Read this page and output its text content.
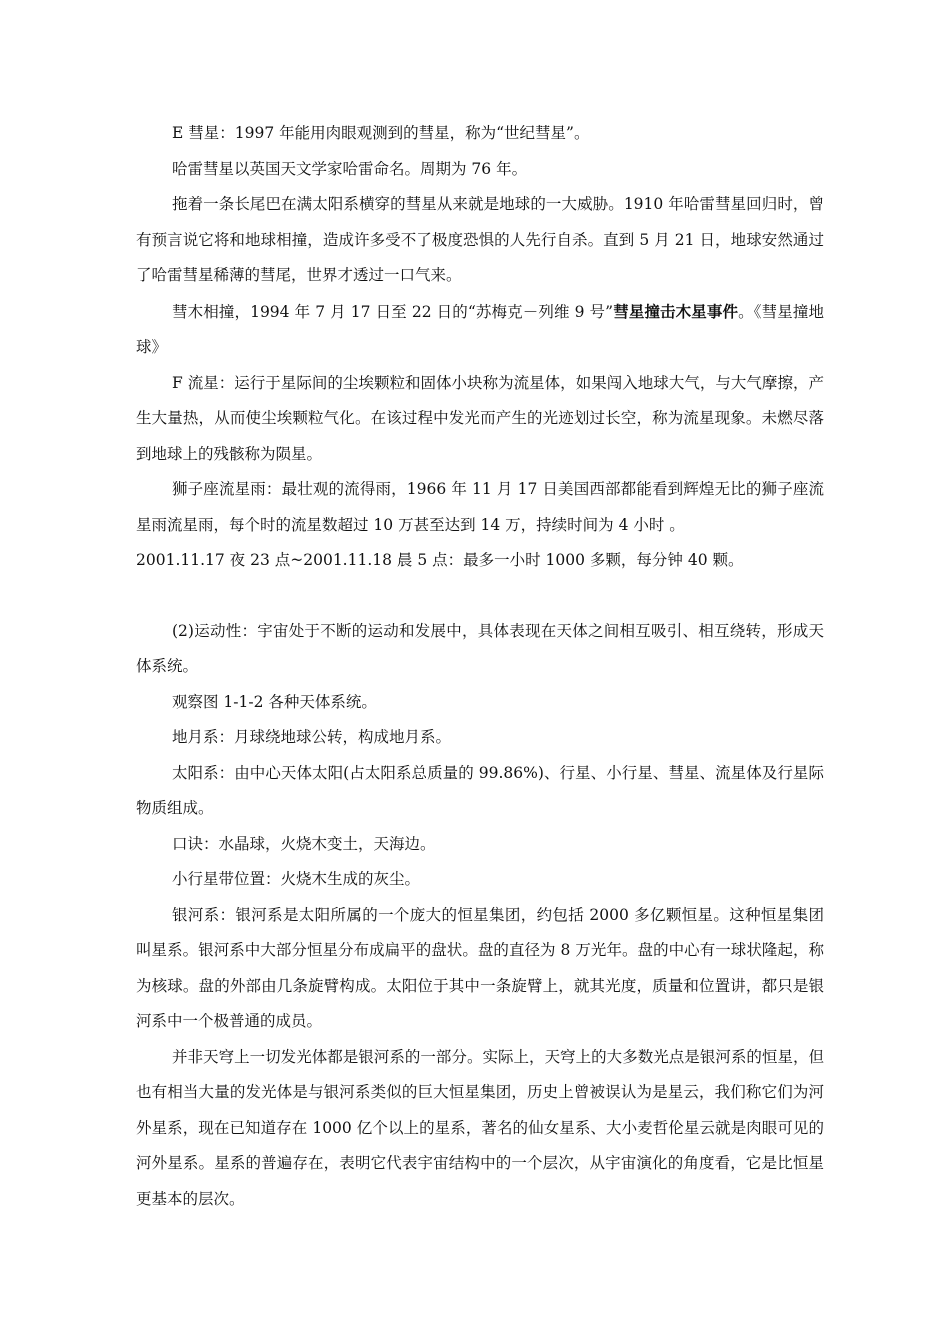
E 彗星：1997 年能用肉眼观测到的彗星，称为“世纪彗星”。

哈雷彗星以英国天文学家哈雷命名。周期为 76 年。

拖着一条长尾巴在满太阳系横穿的彗星从来就是地球的一大威胁。1910 年哈雷彗星回归时，曾有预言说它将和地球相撞，造成许多受不了极度恐惧的人先行自杀。直到 5 月 21 日，地球安然通过了哈雷彗星稀薄的彗尾，世界才透过一口气来。

彗木相撞，1994 年 7 月 17 日至 22 日的“苏梅克－列维 9 号”彗星撞击木星事件。《彗星撞地球》

F 流星：运行于星际间的尘埃颗粒和固体小块称为流星体，如果闯入地球大气，与大气摩擦，产生大量热，从而使尘埃颗粒气化。在该过程中发光而产生的光迹划过长空，称为流星现象。未燃尽落到地球上的残骸称为陨星。

狮子座流星雨：最壮观的流得雨，1966 年 11 月 17 日美国西部都能看到辉煌无比的狮子座流星雨流星雨，每个时的流星数超过 10 万甚至达到 14 万，持续时间为 4 小时 。

2001.11.17 夜 23 点~2001.11.18 晨 5 点：最多一小时 1000 多颗，每分钟 40 颗。

(2)运动性：宇宙处于不断的运动和发展中，具体表现在天体之间相互吸引、相互绕转，形成天体系统。

观察图 1-1-2 各种天体系统。

地月系：月球绕地球公转，构成地月系。

太阳系：由中心天体太阳(占太阳系总质量的 99.86%)、行星、小行星、彗星、流星体及行星际物质组成。

口诀：水晶球，火烧木变土，天海边。

小行星带位置：火烧木生成的灰尘。

银河系：银河系是太阳所属的一个庞大的恒星集团，约包括 2000 多亿颗恒星。这种恒星集团叫星系。银河系中大部分恒星分布成扁平的盘状。盘的直径为 8 万光年。盘的中心有一球状隆起，称为核球。盘的外部由几条旋臂构成。太阳位于其中一条旋臂上，就其光度，质量和位置讲，都只是银河系中一个极普通的成员。

并非天穹上一切发光体都是银河系的一部分。实际上，天穹上的大多数光点是银河系的恒星，但也有相当大量的发光体是与银河系类似的巨大恒星集团，历史上曾被误认为是星云，我们称它们为河外星系，现在已知道存在 1000 亿个以上的星系，著名的仙女星系、大小麦哲伦星云就是肉眼可见的河外星系。星系的普遍存在，表明它代表宇宙结构中的一个层次，从宇宙演化的角度看，它是比恒星更基本的层次。
